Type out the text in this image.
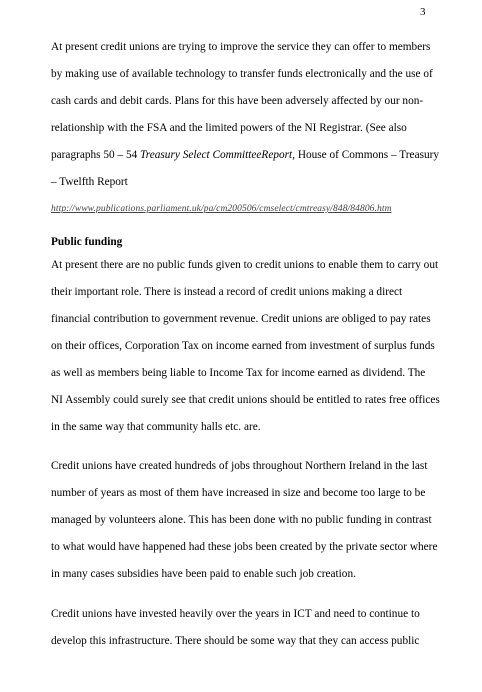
3
At present credit unions are trying to improve the service they can offer to members
by making use of available technology to transfer funds electronically and the use of
cash cards and debit cards. Plans for this have been adversely affected by our non-
relationship with the FSA and the limited powers of the NI Registrar. (See also
paragraphs 50 – 54 Treasury Select CommitteeReport, House of Commons – Treasury
– Twelfth Report
http://www.publications.parliament.uk/pa/cm200506/cmselect/cmtreasy/848/84806.htm
Public funding
At present there are no public funds given to credit unions to enable them to carry out
their important role. There is instead a record of credit unions making a direct
financial contribution to government revenue. Credit unions are obliged to pay rates
on their offices, Corporation Tax on income earned from investment of surplus funds
as well as members being liable to Income Tax for income earned as dividend. The
NI Assembly could surely see that credit unions should be entitled to rates free offices
in the same way that community halls etc. are.
Credit unions have created hundreds of jobs throughout Northern Ireland in the last
number of years as most of them have increased in size and become too large to be
managed by volunteers alone. This has been done with no public funding in contrast
to what would have happened had these jobs been created by the private sector where
in many cases subsidies have been paid to enable such job creation.
Credit unions have invested heavily over the years in ICT and need to continue to
develop this infrastructure. There should be some way that they can access public
